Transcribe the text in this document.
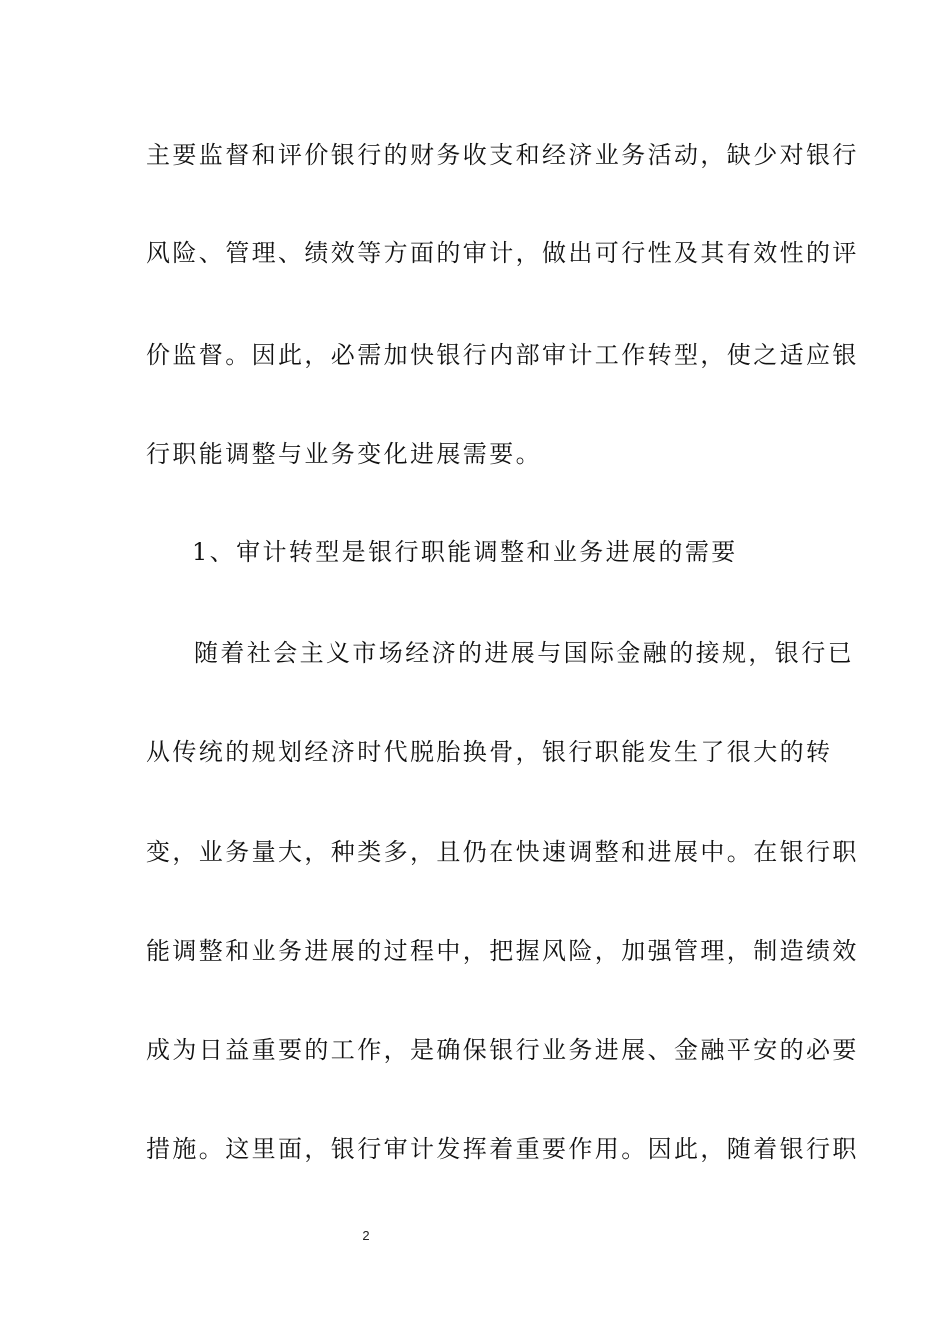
主要监督和评价银行的财务收支和经济业务活动，缺少对银行
风险、管理、绩效等方面的审计，做出可行性及其有效性的评
价监督。因此，必需加快银行内部审计工作转型，使之适应银
行职能调整与业务变化进展需要。
1、审计转型是银行职能调整和业务进展的需要
随着社会主义市场经济的进展与国际金融的接规，银行已
从传统的规划经济时代脱胎换骨，银行职能发生了很大的转
变，业务量大，种类多，且仍在快速调整和进展中。在银行职
能调整和业务进展的过程中，把握风险，加强管理，制造绩效
成为日益重要的工作，是确保银行业务进展、金融平安的必要
措施。这里面，银行审计发挥着重要作用。因此，随着银行职
2
